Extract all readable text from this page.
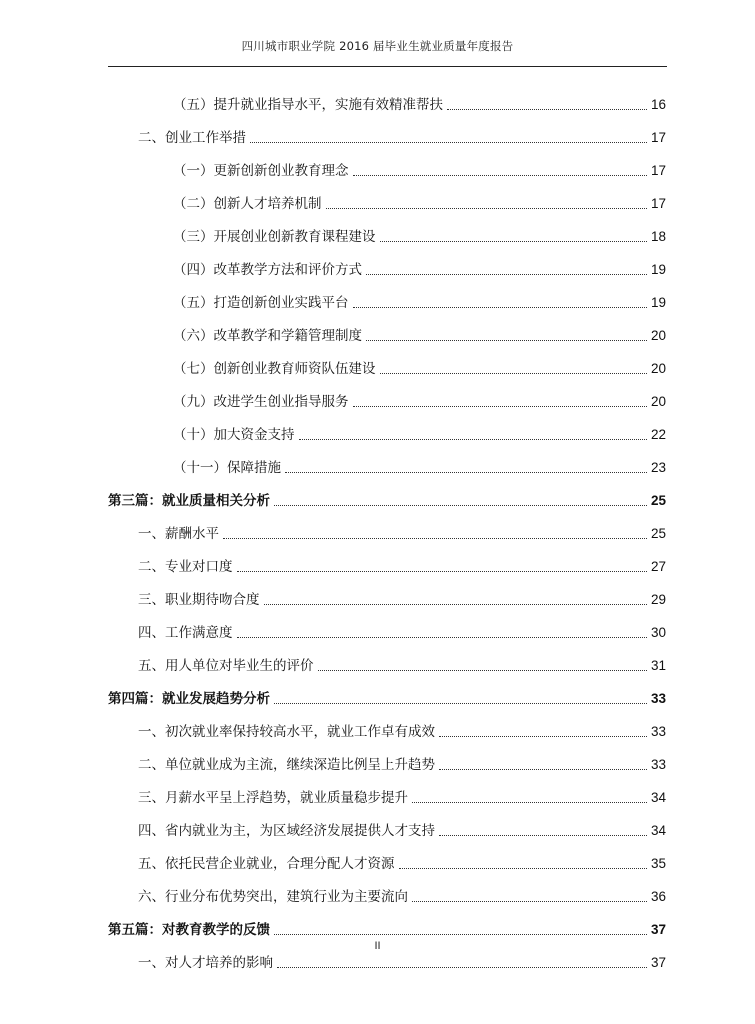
四川城市职业学院 2016 届毕业生就业质量年度报告
（五）提升就业指导水平，实施有效精准帮扶	16
二、创业工作举措	17
（一）更新创新创业教育理念	17
（二）创新人才培养机制	17
（三）开展创业创新教育课程建设	18
（四）改革教学方法和评价方式	19
（五）打造创新创业实践平台	19
（六）改革教学和学籍管理制度	20
（七）创新创业教育师资队伍建设	20
（九）改进学生创业指导服务	20
（十）加大资金支持	22
（十一）保障措施	23
第三篇：就业质量相关分析	25
一、薪酬水平	25
二、专业对口度	27
三、职业期待吻合度	29
四、工作满意度	30
五、用人单位对毕业生的评价	31
第四篇：就业发展趋势分析	33
一、初次就业率保持较高水平，就业工作卓有成效	33
二、单位就业成为主流，继续深造比例呈上升趋势	33
三、月薪水平呈上浮趋势，就业质量稳步提升	34
四、省内就业为主，为区域经济发展提供人才支持	34
五、依托民营企业就业，合理分配人才资源	35
六、行业分布优势突出，建筑行业为主要流向	36
第五篇：对教育教学的反馈	37
一、对人才培养的影响	37
II
